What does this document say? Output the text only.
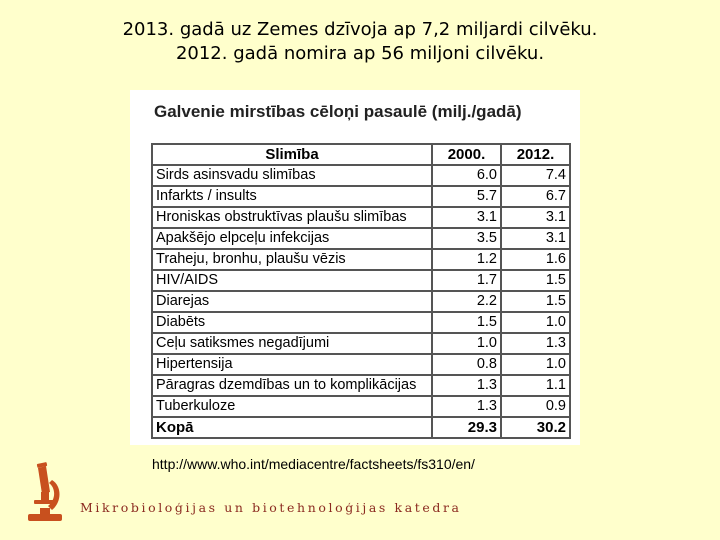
2013. gadā uz Zemes dzīvoja ap 7,2 miljardi cilvēku.
2012. gadā nomira ap 56 miljoni cilvēku.
Galvenie mirstības cēloņi pasaulē (milj./gadā)
Slimība	2000.	2012.
Sirds asinsvadu slimības	6.0	7.4
Infarkts / insults	5.7	6.7
Hroniskas obstruktīvas plaušu slimības	3.1	3.1
Apakšējo elpceļu infekcijas	3.5	3.1
Traheju, bronhu, plaušu vēzis	1.2	1.6
HIV/AIDS	1.7	1.5
Diarejas	2.2	1.5
Diabēts	1.5	1.0
Ceļu satiksmes negadījumi	1.0	1.3
Hipertensija	0.8	1.0
Pāragras dzemdības un to komplikācijas	1.3	1.1
Tuberkuloze	1.3	0.9
Kopā	29.3	30.2
http://www.who.int/mediacentre/factsheets/fs310/en/
Mikrobioloģijas un biotehnoloģijas katedra
